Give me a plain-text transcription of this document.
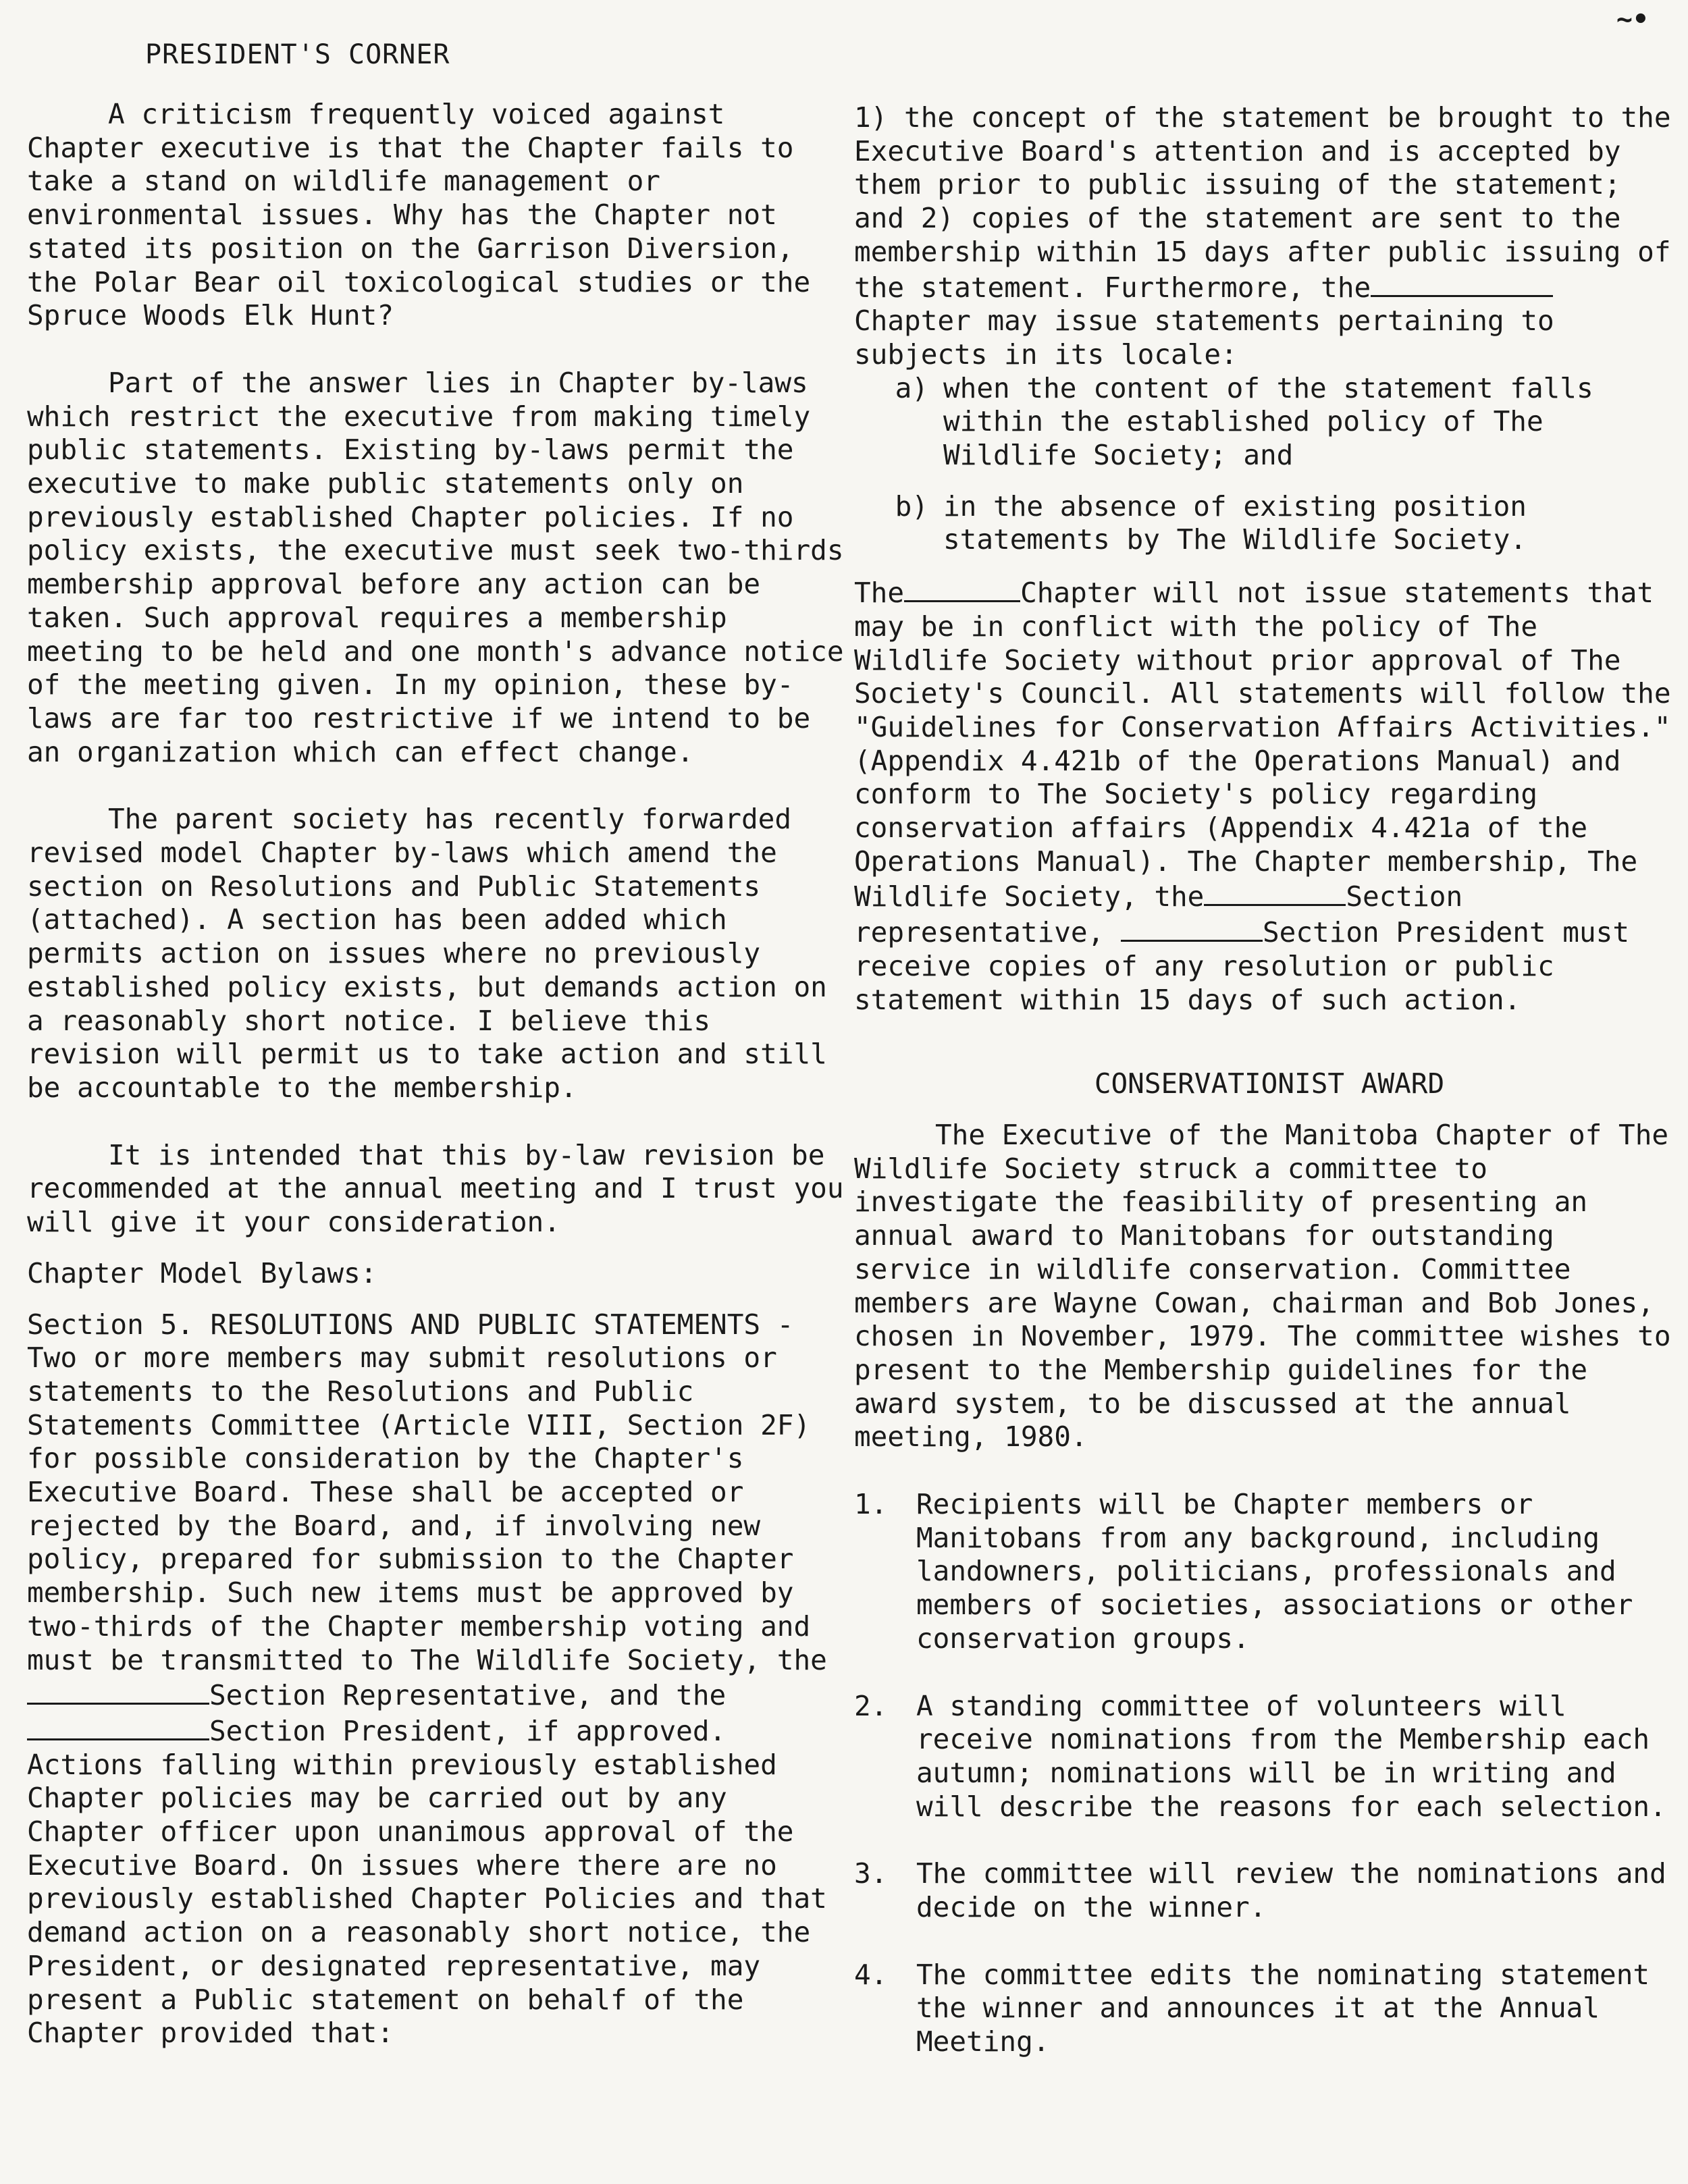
~•
PRESIDENT'S CORNER

A criticism frequently voiced against Chapter executive is that the Chapter fails to take a stand on wildlife management or environmental issues. Why has the Chapter not stated its position on the Garrison Diversion, the Polar Bear oil toxicological studies or the Spruce Woods Elk Hunt?

Part of the answer lies in Chapter by-laws which restrict the executive from making timely public statements. Existing by-laws permit the executive to make public statements only on previously established Chapter policies. If no policy exists, the executive must seek two-thirds membership approval before any action can be taken. Such approval requires a membership meeting to be held and one month's advance notice of the meeting given. In my opinion, these by-laws are far too restrictive if we intend to be an organization which can effect change.

The parent society has recently forwarded revised model Chapter by-laws which amend the section on Resolutions and Public Statements (attached). A section has been added which permits action on issues where no previously established policy exists, but demands action on a reasonably short notice. I believe this revision will permit us to take action and still be accountable to the membership.

It is intended that this by-law revision be recommended at the annual meeting and I trust you will give it your consideration.

Chapter Model Bylaws:

Section 5. RESOLUTIONS AND PUBLIC STATEMENTS - Two or more members may submit resolutions or statements to the Resolutions and Public Statements Committee (Article VIII, Section 2F) for possible consideration by the Chapter's Executive Board. These shall be accepted or rejected by the Board, and, if involving new policy, prepared for submission to the Chapter membership. Such new items must be approved by two-thirds of the Chapter membership voting and must be transmitted to The Wildlife Society, theSection Representative, and the Section President, if approved. Actions falling within previously established Chapter policies may be carried out by any Chapter officer upon unanimous approval of the Executive Board. On issues where there are no previously established Chapter Policies and that demand action on a reasonably short notice, the President, or designated representative, may present a Public statement on behalf of the Chapter provided that:

1) the concept of the statement be brought to the Executive Board's attention and is accepted by them prior to public issuing of the statement; and 2) copies of the statement are sent to the membership within 15 days after public issuing of the statement. Furthermore, the Chapter may issue statements pertaining to subjects in its locale:

a) when the content of the statement falls within the established policy of The Wildlife Society; and
b) in the absence of existing position statements by The Wildlife Society.

The	Chapter will not issue statements that may be in conflict with the policy of The Wildlife Society without prior approval of The Society's Council. All statements will follow the "Guidelines for Conservation Affairs Activities." (Appendix 4.421b of the Operations Manual) and conform to The Society's policy regarding conservation affairs (Appendix 4.421a of the Operations Manual). The Chapter membership, The Wildlife Society, the	Section representative,	Section President must receive copies of any resolution or public statement within 15 days of such action.

CONSERVATIONIST AWARD

The Executive of the Manitoba Chapter of The Wildlife Society struck a committee to investigate the feasibility of presenting an annual award to Manitobans for outstanding service in wildlife conservation. Committee members are Wayne Cowan, chairman and Bob Jones, chosen in November, 1979. The committee wishes to present to the Membership guidelines for the award system, to be discussed at the annual meeting, 1980.

1.	Recipients will be Chapter members or Manitobans from any background, including landowners, politicians, professionals and members of societies, associations or other conservation groups.
2.	A standing committee of volunteers will receive nominations from the Membership each autumn; nominations will be in writing and will describe the reasons for each selection.
3.	The committee will review the nominations and decide on the winner.
4.	The committee edits the nominating statement the winner and announces it at the Annual Meeting.
